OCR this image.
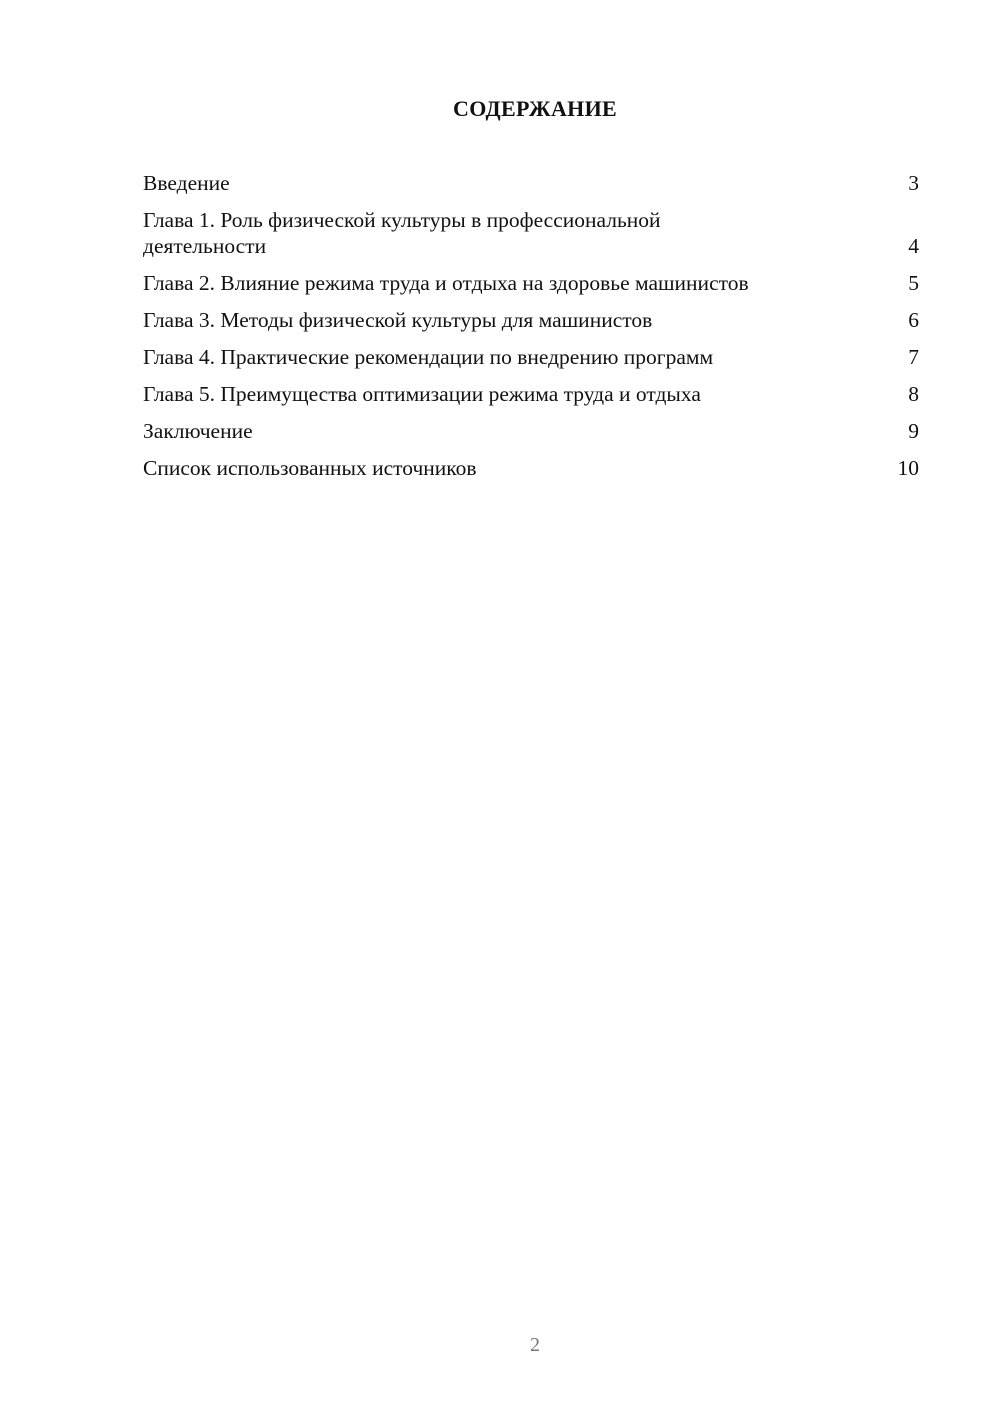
СОДЕРЖАНИЕ
Введение	3
Глава 1. Роль физической культуры в профессиональной деятельности	4
Глава 2. Влияние режима труда и отдыха на здоровье машинистов	5
Глава 3. Методы физической культуры для машинистов	6
Глава 4. Практические рекомендации по внедрению программ	7
Глава 5. Преимущества оптимизации режима труда и отдыха	8
Заключение	9
Список использованных источников	10
2
